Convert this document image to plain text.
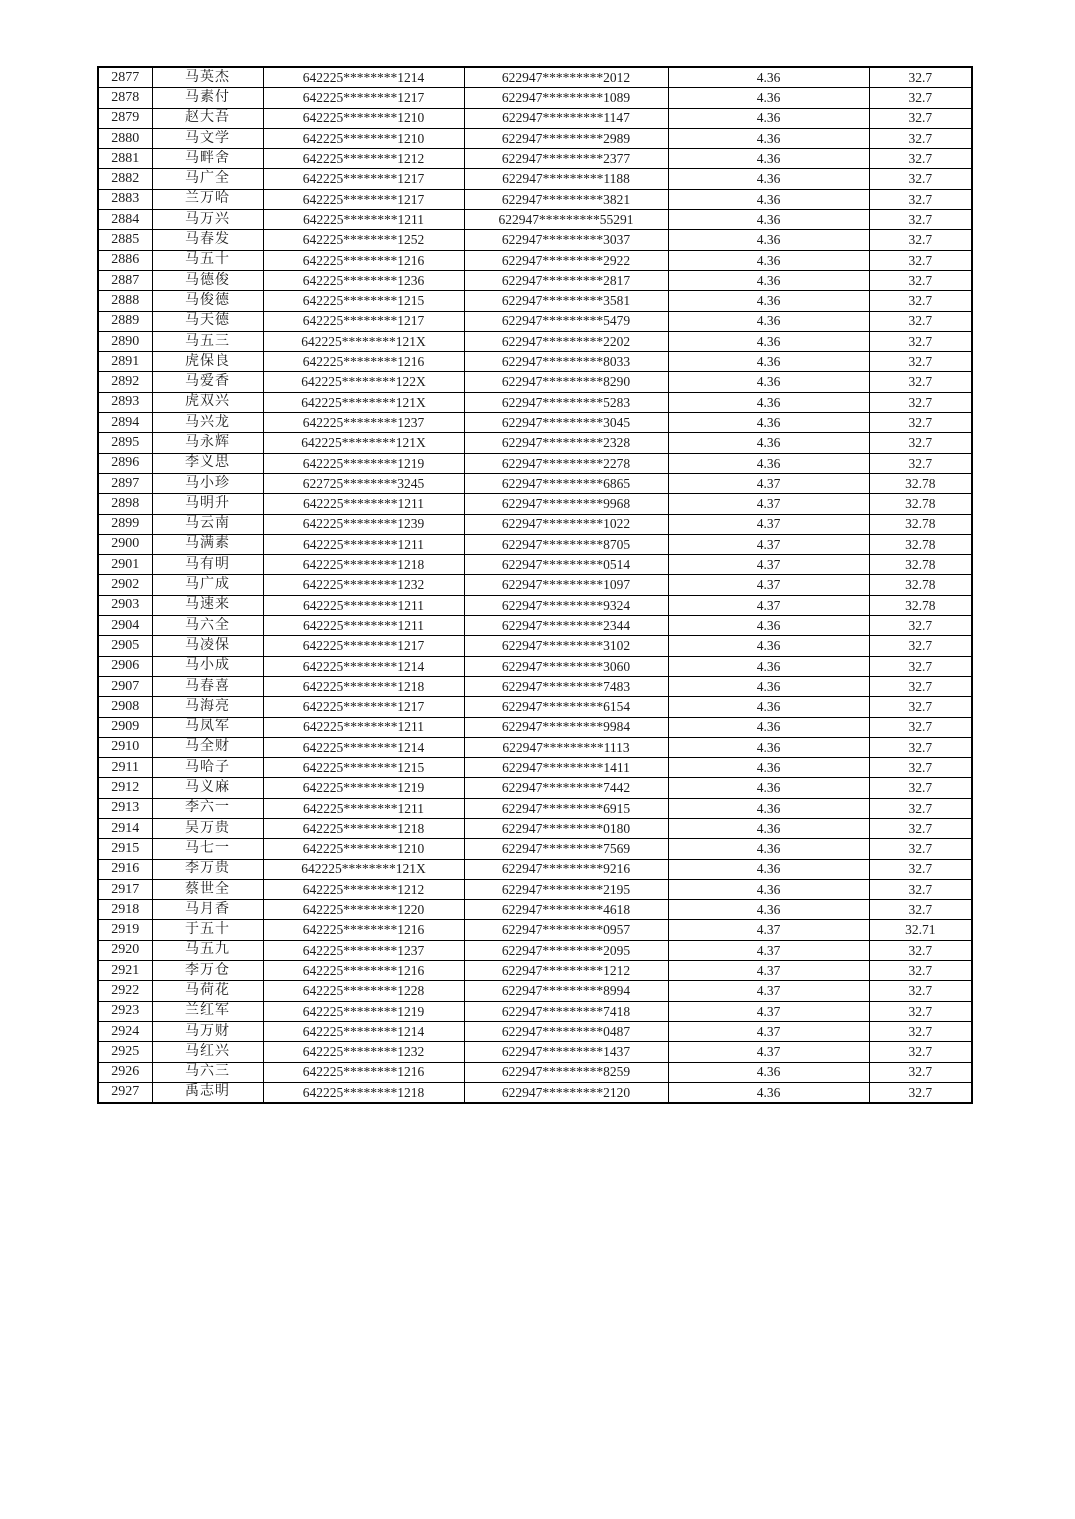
2877	马英杰	642225********1214	622947*********2012	4.36	32.7
2878	马素付	642225********1217	622947*********1089	4.36	32.7
2879	赵大吾	642225********1210	622947*********1147	4.36	32.7
2880	马文学	642225********1210	622947*********2989	4.36	32.7
2881	马畔舍	642225********1212	622947*********2377	4.36	32.7
2882	马广全	642225********1217	622947*********1188	4.36	32.7
2883	兰万哈	642225********1217	622947*********3821	4.36	32.7
2884	马万兴	642225********1211	622947*********55291	4.36	32.7
2885	马春发	642225********1252	622947*********3037	4.36	32.7
2886	马五十	642225********1216	622947*********2922	4.36	32.7
2887	马德俊	642225********1236	622947*********2817	4.36	32.7
2888	马俊德	642225********1215	622947*********3581	4.36	32.7
2889	马天德	642225********1217	622947*********5479	4.36	32.7
2890	马五三	642225********121X	622947*********2202	4.36	32.7
2891	虎保良	642225********1216	622947*********8033	4.36	32.7
2892	马爱香	642225********122X	622947*********8290	4.36	32.7
2893	虎双兴	642225********121X	622947*********5283	4.36	32.7
2894	马兴龙	642225********1237	622947*********3045	4.36	32.7
2895	马永辉	642225********121X	622947*********2328	4.36	32.7
2896	李义思	642225********1219	622947*********2278	4.36	32.7
2897	马小珍	622725********3245	622947*********6865	4.37	32.78
2898	马明升	642225********1211	622947*********9968	4.37	32.78
2899	马云南	642225********1239	622947*********1022	4.37	32.78
2900	马满素	642225********1211	622947*********8705	4.37	32.78
2901	马有明	642225********1218	622947*********0514	4.37	32.78
2902	马广成	642225********1232	622947*********1097	4.37	32.78
2903	马速来	642225********1211	622947*********9324	4.37	32.78
2904	马六全	642225********1211	622947*********2344	4.36	32.7
2905	马凌保	642225********1217	622947*********3102	4.36	32.7
2906	马小成	642225********1214	622947*********3060	4.36	32.7
2907	马春喜	642225********1218	622947*********7483	4.36	32.7
2908	马海亮	642225********1217	622947*********6154	4.36	32.7
2909	马凤军	642225********1211	622947*********9984	4.36	32.7
2910	马全财	642225********1214	622947*********1113	4.36	32.7
2911	马哈子	642225********1215	622947*********1411	4.36	32.7
2912	马义麻	642225********1219	622947*********7442	4.36	32.7
2913	李六一	642225********1211	622947*********6915	4.36	32.7
2914	吴万贵	642225********1218	622947*********0180	4.36	32.7
2915	马七一	642225********1210	622947*********7569	4.36	32.7
2916	李万贵	642225********121X	622947*********9216	4.36	32.7
2917	蔡世全	642225********1212	622947*********2195	4.36	32.7
2918	马月香	642225********1220	622947*********4618	4.36	32.7
2919	于五十	642225********1216	622947*********0957	4.37	32.71
2920	马五九	642225********1237	622947*********2095	4.37	32.7
2921	李万仓	642225********1216	622947*********1212	4.37	32.7
2922	马荷花	642225********1228	622947*********8994	4.37	32.7
2923	兰红军	642225********1219	622947*********7418	4.37	32.7
2924	马万财	642225********1214	622947*********0487	4.37	32.7
2925	马红兴	642225********1232	622947*********1437	4.37	32.7
2926	马六三	642225********1216	622947*********8259	4.36	32.7
2927	禹志明	642225********1218	622947*********2120	4.36	32.7
